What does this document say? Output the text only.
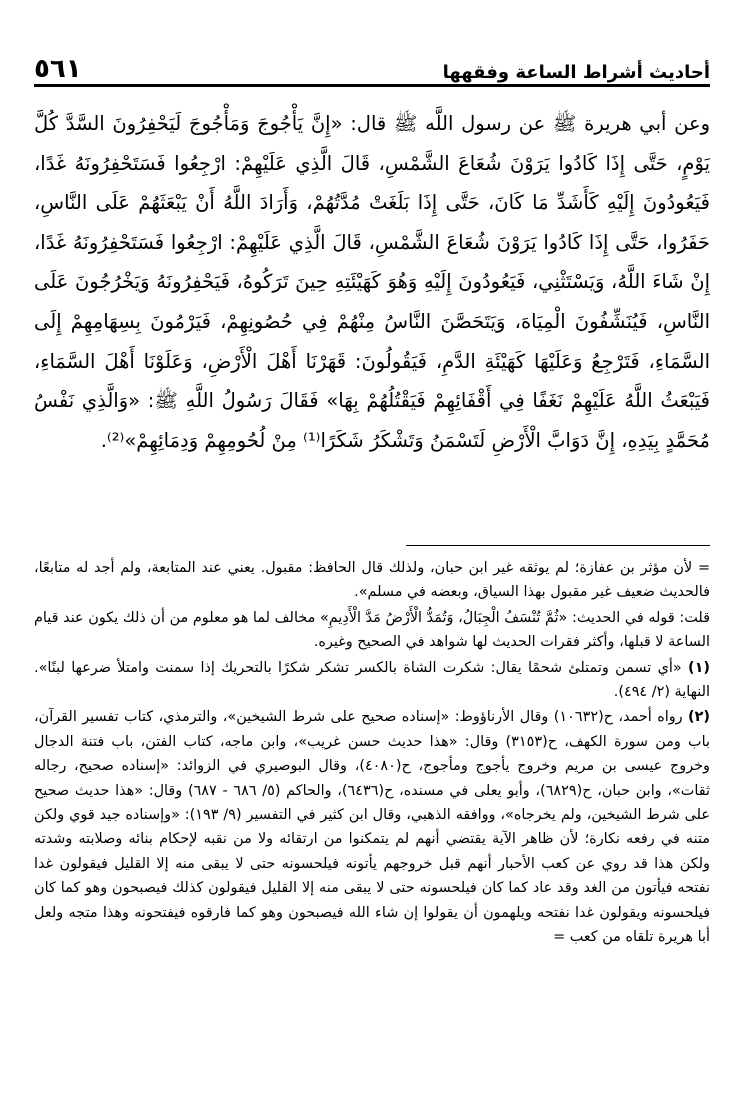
٥٦١	أحاديث أشراط الساعة وفقهها
وعن أبي هريرة ﷺ عن رسول اللَّه ﷺ قال: «إِنَّ يَأْجُوجَ وَمَأْجُوجَ لَيَحْفِرُونَ السَّدَّ كُلَّ يَوْمٍ، حَتَّى إِذَا كَادُوا يَرَوْنَ شُعَاعَ الشَّمْسِ، قَالَ الَّذِي عَلَيْهِمْ: ارْجِعُوا فَسَتَحْفِرُونَهُ غَدًا، فَيَعُودُونَ إِلَيْهِ كَأَشَدِّ مَا كَانَ، حَتَّى إِذَا بَلَغَتْ مُدَّتُهُمْ، وَأَرَادَ اللَّهُ أَنْ يَبْعَثَهُمْ عَلَى النَّاسِ، حَفَرُوا، حَتَّى إِذَا كَادُوا يَرَوْنَ شُعَاعَ الشَّمْسِ، قَالَ الَّذِي عَلَيْهِمْ: ارْجِعُوا فَسَتَحْفِرُونَهُ غَدًا، إِنْ شَاءَ اللَّهُ، وَيَسْتَثْنِي، فَيَعُودُونَ إِلَيْهِ وَهُوَ كَهَيْئَتِهِ حِينَ تَرَكُوهُ، فَيَحْفِرُونَهُ وَيَخْرُجُونَ عَلَى النَّاسِ، فَيُنَشِّفُونَ الْمِيَاهَ، وَيَتَحَصَّنَ النَّاسُ مِنْهُمْ فِي حُصُونِهِمْ، فَيَرْمُونَ بِسِهَامِهِمْ إِلَى السَّمَاءِ، فَتَرْجِعُ وَعَلَيْهَا كَهَيْئَةِ الدَّمِ، فَيَقُولُونَ: قَهَرْنَا أَهْلَ الْأَرْضِ، وَعَلَوْنَا أَهْلَ السَّمَاءِ، فَيَبْعَثُ اللَّهُ عَلَيْهِمْ نَغَفًا فِي أَقْفَائِهِمْ فَيَقْتُلُهُمْ بِهَا» فَقَالَ رَسُولُ اللَّهِ ﷺ: «وَالَّذِي نَفْسُ مُحَمَّدٍ بِيَدِهِ، إِنَّ دَوَابَّ الْأَرْضِ لَتَسْمَنُ وَتَشْكَرُ شَكَرًا⁽¹⁾ مِنْ لُحُومِهِمْ وَدِمَائِهِمْ»⁽²⁾.

= لأن مؤثر بن عفازة؛ لم يوثقه غير ابن حبان، ولذلك قال الحافظ: مقبول. يعني عند المتابعة، ولم أجد له متابعًا، فالحديث ضعيف غير مقبول بهذا السياق، وبعضه في مسلم».

قلت: قوله في الحديث: «ثُمَّ تُنْسَفُ الْجِبَالُ، وَتُمَدُّ الْأَرْضُ مَدَّ الْأَدِيمِ» مخالف لما هو معلوم من أن ذلك يكون عند قيام الساعة لا قبلها، وأكثر فقرات الحديث لها شواهد في الصحيح وغيره.

(١) «أي تسمن وتمتلئ شحمًا يقال: شكرت الشاة بالكسر تشكر شكرًا بالتحريك إذا سمنت وامتلأ ضرعها لبنًا». النهاية (٢/ ٤٩٤).

(٢) رواه أحمد، ح(١٠٦٣٢) وقال الأرناؤوط: «إسناده صحيح على شرط الشيخين»، والترمذي، كتاب تفسير القرآن، باب ومن سورة الكهف، ح(٣١٥٣) وقال: «هذا حديث حسن غريب»، وابن ماجه، كتاب الفتن، باب فتنة الدجال وخروج عيسى بن مريم وخروج يأجوج ومأجوج، ح(٤٠٨٠)، وقال البوصيري في الزوائد: «إسناده صحيح، رجاله ثقات»، وابن حبان، ح(٦٨٢٩)، وأبو يعلى في مسنده، ح(٦٤٣٦)، والحاكم (٥/ ٦٨٦ - ٦٨٧) وقال: «هذا حديث صحيح على شرط الشيخين، ولم يخرجاه»، ووافقه الذهبي، وقال ابن كثير في التفسير (٩/ ١٩٣): «وإسناده جيد قوي ولكن متنه في رفعه نكارة؛ لأن ظاهر الآية يقتضي أنهم لم يتمكنوا من ارتقائه ولا من نقبه لإحكام بنائه وصلابته وشدته ولكن هذا قد روي عن كعب الأحبار أنهم قبل خروجهم يأتونه فيلحسونه حتى لا يبقى منه إلا القليل فيقولون غدا نفتحه فيأتون من الغد وقد عاد كما كان فيلحسونه حتى لا يبقى منه إلا القليل فيقولون كذلك فيصبحون وهو كما كان فيلحسونه ويقولون غدا نفتحه ويلهمون أن يقولوا إن شاء الله فيصبحون وهو كما فارقوه فيفتحونه وهذا متجه ولعل أبا هريرة تلقاه من كعب =
